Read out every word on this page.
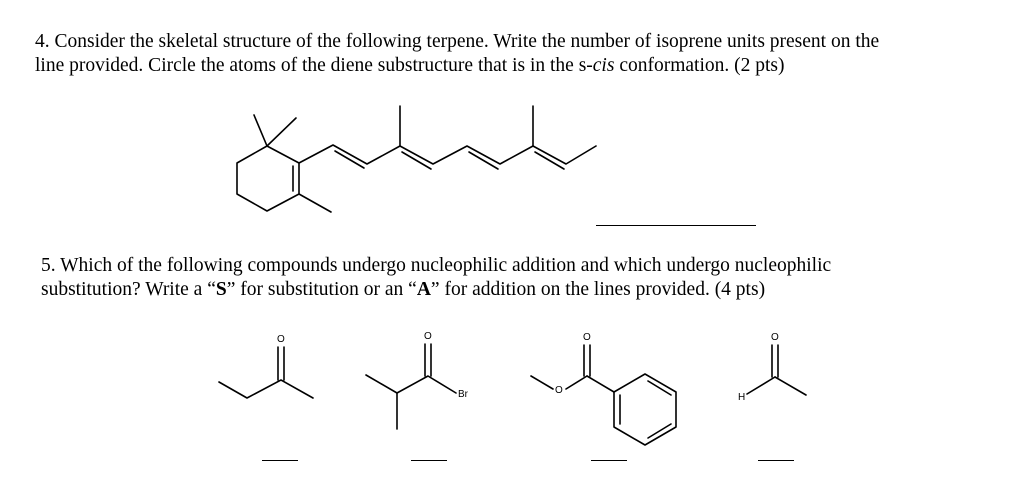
4. Consider the skeletal structure of the following terpene. Write the number of isoprene units present on the
line provided. Circle the atoms of the diene substructure that is in the s-cis conformation. (2 pts)
5. Which of the following compounds undergo nucleophilic addition and which undergo nucleophilic
substitution? Write a “S” for substitution or an “A” for addition on the lines provided. (4 pts)
O	O
Br	O
O	O
H
